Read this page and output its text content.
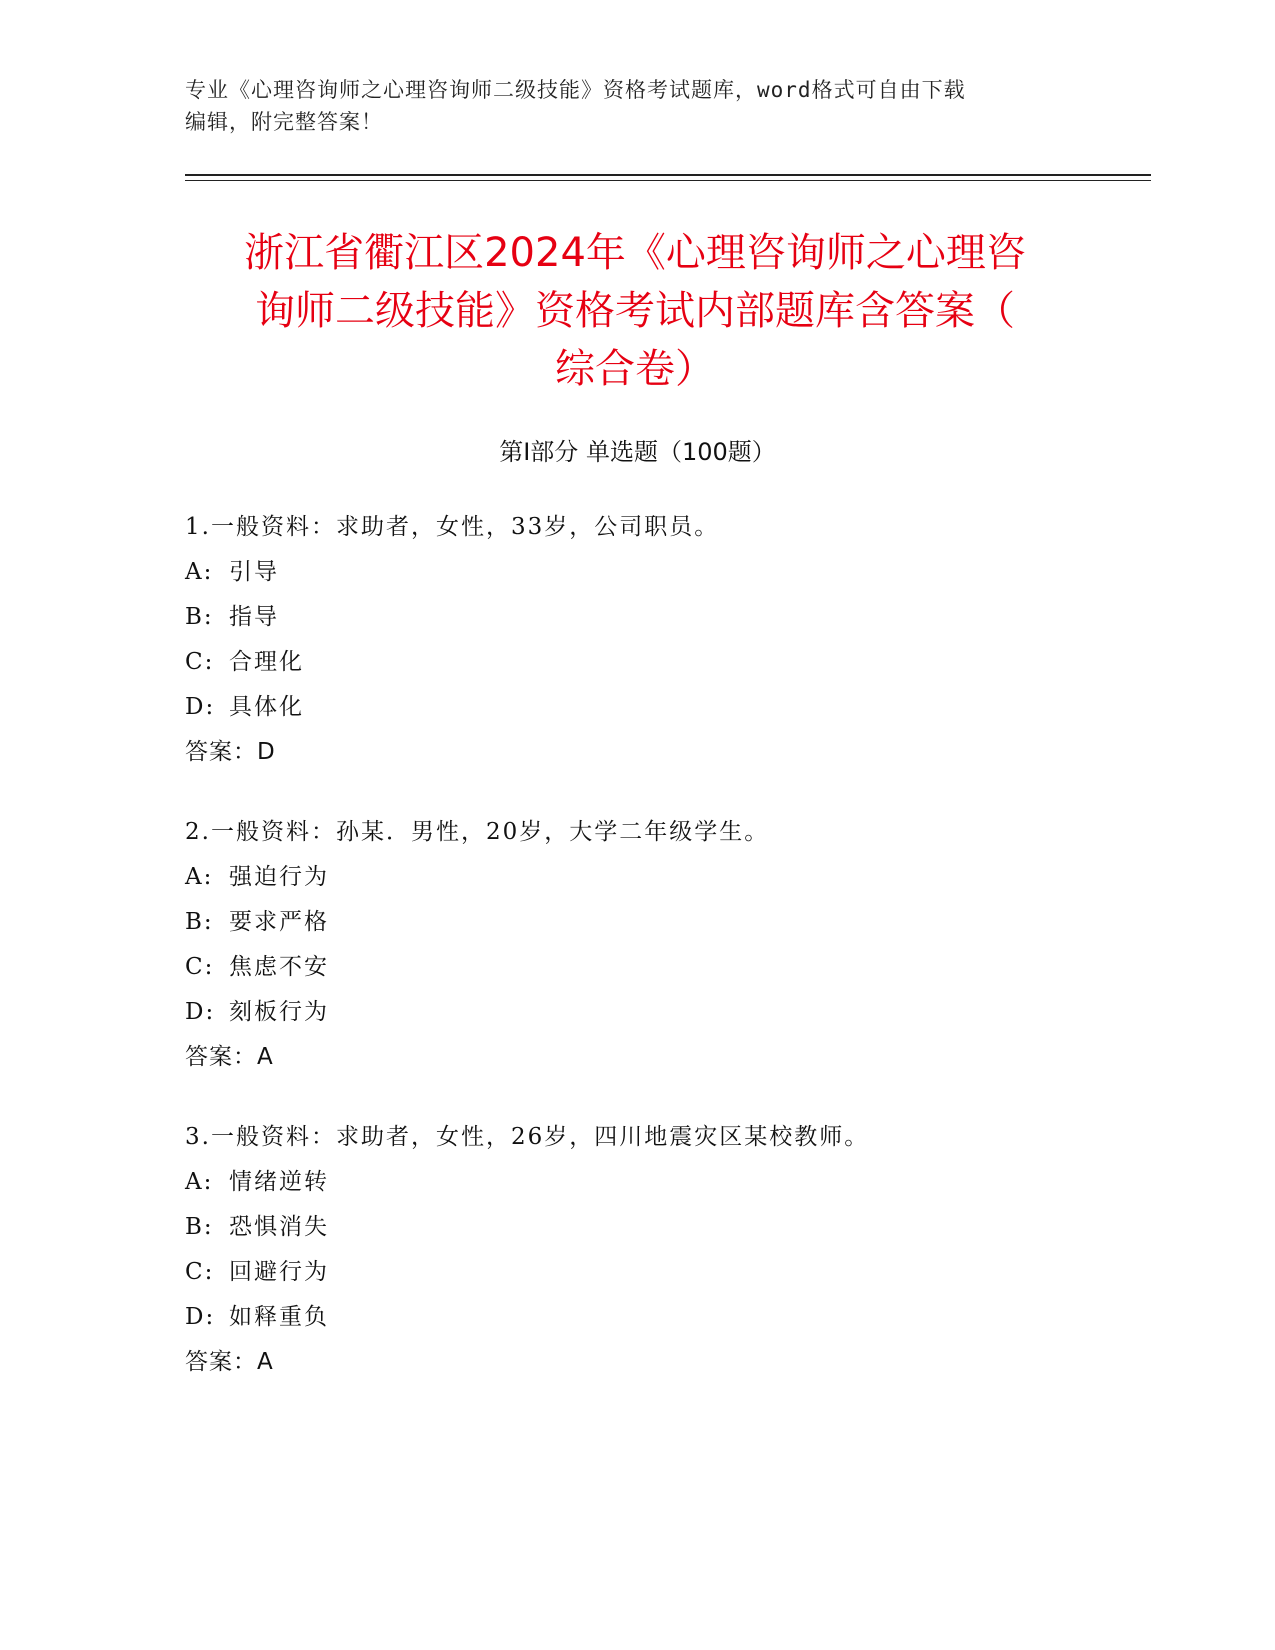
专业《心理咨询师之心理咨询师二级技能》资格考试题库，word格式可自由下载
编辑，附完整答案！
浙江省衢江区2024年《心理咨询师之心理咨
询师二级技能》资格考试内部题库含答案（
综合卷）
第Ⅰ部分 单选题（100题）
1.一般资料：求助者，女性，33岁，公司职员。
A: 引导
B: 指导
C: 合理化
D: 具体化
答案：D
2.一般资料：孙某．男性，20岁，大学二年级学生。
A: 强迫行为
B: 要求严格
C: 焦虑不安
D: 刻板行为
答案：A
3.一般资料：求助者，女性，26岁，四川地震灾区某校教师。
A: 情绪逆转
B: 恐惧消失
C: 回避行为
D: 如释重负
答案：A
